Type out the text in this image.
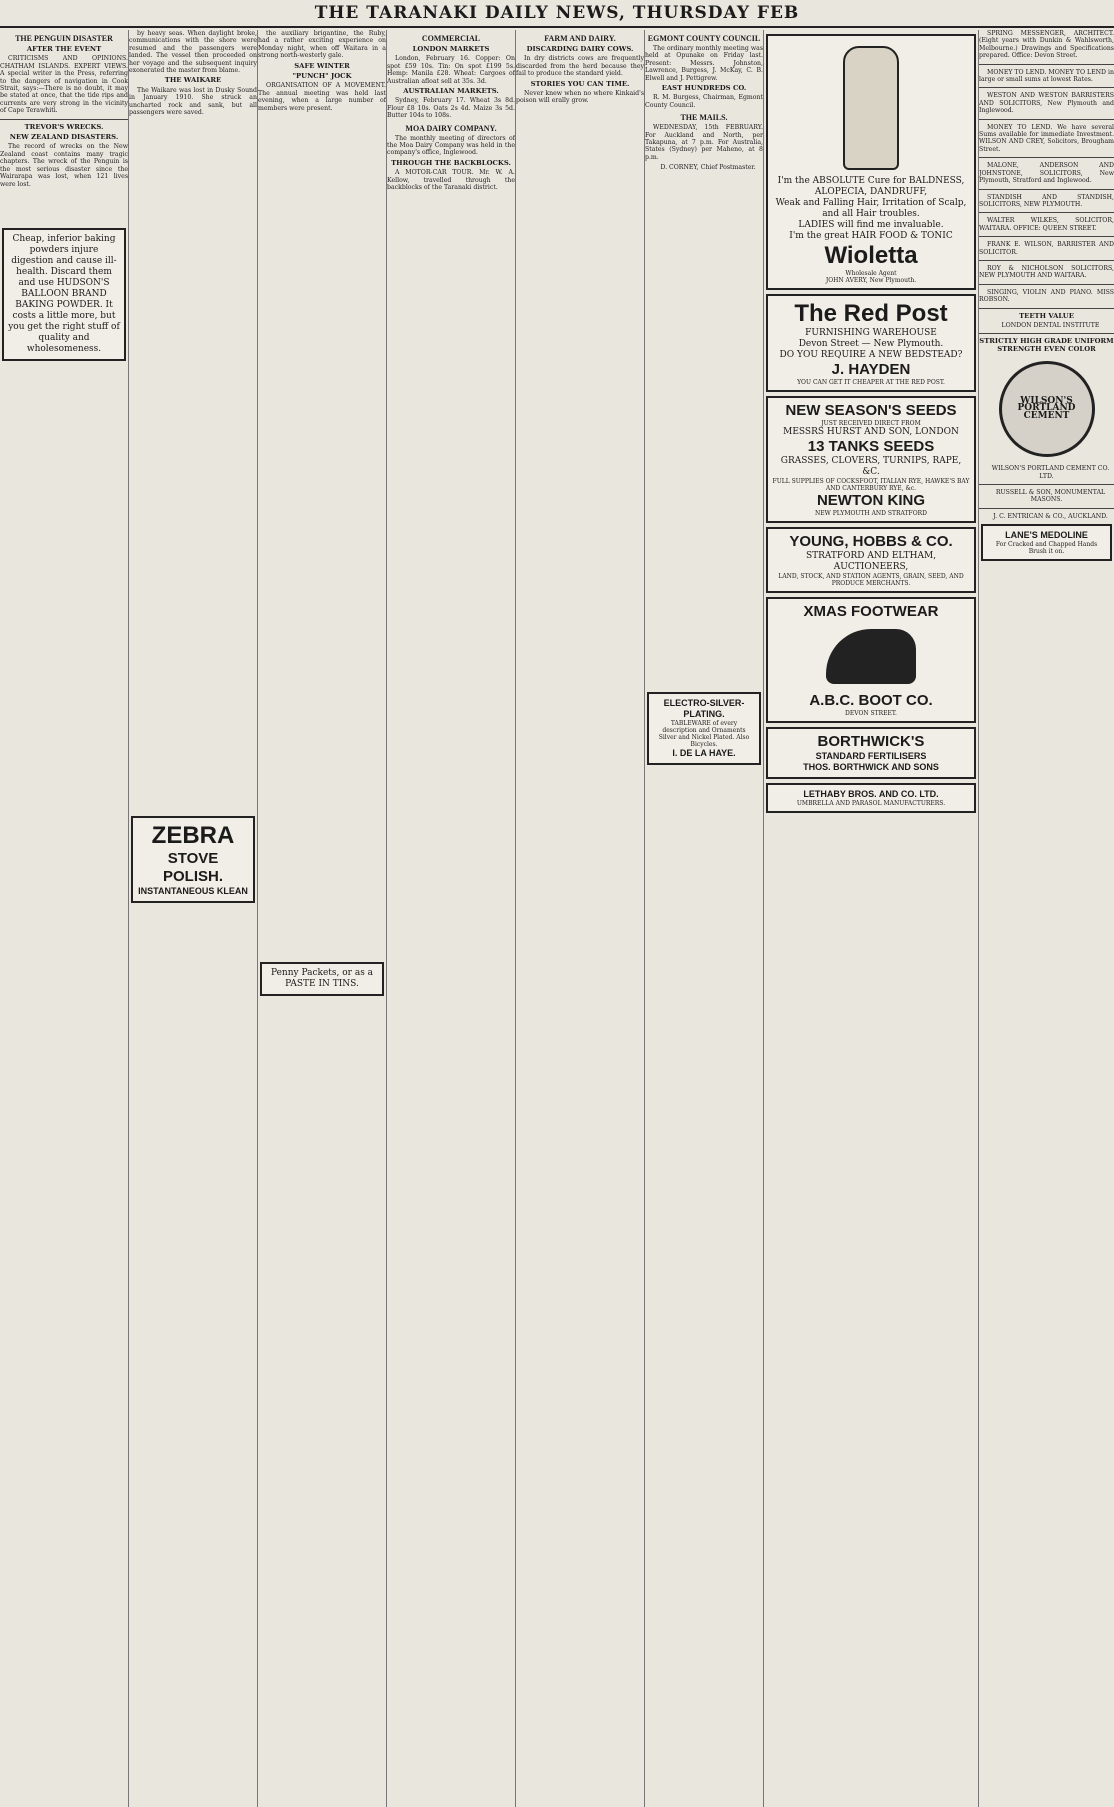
THE TARANAKI DAILY NEWS, THURSDAY FEB
THE PENGUIN DISASTER
AFTER THE EVENT

CRITICISMS AND OPINIONS. CHATHAM ISLANDS. EXPERT VIEWS. A special writer in the Press, referring to the dangers of navigation in Cook Strait, says:—There is no doubt, it may be stated at once, that the tide rips and currents are very strong in the vicinity of Cape Terawhiti.

TREVOR'S WRECKS.
NEW ZEALAND DISASTERS.

The record of wrecks on the New Zealand coast contains many tragic chapters. The wreck of the Penguin is the most serious disaster since the Wairarapa was lost, when 121 lives were lost.

Cheap, inferior baking powders injure digestion and cause ill-health. Discard them and use HUDSON'S BALLOON BRAND BAKING POWDER. It costs a little more, but you get the right stuff of quality and wholesomeness.

by heavy seas. When daylight broke, communications with the shore were resumed and the passengers were landed. The vessel then proceeded on her voyage and the subsequent inquiry exonerated the master from blame.

THE WAIKARE

The Waikare was lost in Dusky Sound in January 1910. She struck an uncharted rock and sank, but all passengers were saved.

ZEBRA
STOVE POLISH.
INSTANTANEOUS KLEAN

the auxiliary brigantine, the Ruby, had a rather exciting experience on Monday night, when off Waitara in a strong north-westerly gale.

SAFE WINTER
"PUNCH" JOCK

ORGANISATION OF A MOVEMENT. The annual meeting was held last evening, when a large number of members were present.

Penny Packets, or as a PASTE IN TINS.
COMMERCIAL
LONDON MARKETS

London, February 16. Copper: On spot £59 10s. Tin: On spot £199 5s. Hemp: Manila £28. Wheat: Cargoes of Australian afloat sell at 35s. 3d.

AUSTRALIAN MARKETS.

Sydney, February 17. Wheat 3s 8d. Flour £8 10s. Oats 2s 4d. Maize 3s 5d. Butter 104s to 108s.

MOA DAIRY COMPANY.

The monthly meeting of directors of the Moa Dairy Company was held in the company's office, Inglewood.

THROUGH THE BACKBLOCKS.

A MOTOR-CAR TOUR. Mr. W. A. Kellow, travelled through the backblocks of the Taranaki district.

FARM AND DAIRY.
DISCARDING DAIRY COWS.

In dry districts cows are frequently discarded from the herd because they fail to produce the standard yield.

STORIES YOU CAN TIME.

Never knew when no where Kinkaid's poison will erally grow.

EGMONT COUNTY COUNCIL

The ordinary monthly meeting was held at Opunake on Friday last. Present: Messrs. Johnston, Lawrence, Burgess, J. McKay, C. B. Elwell and J. Pettigrew.

EAST HUNDREDS CO.

R. M. Burgess, Chairman, Egmont County Council.

THE MAILS.

WEDNESDAY, 15th FEBRUARY. For Auckland and North, per Takapuna, at 7 p.m. For Australia, States (Sydney) per Maheno, at 8 p.m.

D. CORNEY, Chief Postmaster.

ELECTRO-SILVER-PLATING.
TABLEWARE of every description and Ornaments Silver and Nickel Plated. Also Bicycles.
I. DE LA HAYE.
I'm the ABSOLUTE Cure for BALDNESS, ALOPECIA, DANDRUFF,
Weak and Falling Hair, Irritation of Scalp, and all Hair troubles.
LADIES will find me invaluable.
I'm the great HAIR FOOD & TONIC
Wioletta
Wholesale Agent
JOHN AVERY, New Plymouth.
The Red Post
FURNISHING WAREHOUSE
Devon Street — New Plymouth.
DO YOU REQUIRE A NEW BEDSTEAD?
J. HAYDEN
YOU CAN GET IT CHEAPER AT THE RED POST.
NEW SEASON'S SEEDS
JUST RECEIVED DIRECT FROM
MESSRS HURST AND SON, LONDON
13 TANKS SEEDS
GRASSES, CLOVERS, TURNIPS, RAPE, &C.
FULL SUPPLIES OF COCKSFOOT, ITALIAN RYE, HAWKE'S BAY AND CANTERBURY RYE, &c.
NEWTON KING
NEW PLYMOUTH AND STRATFORD
YOUNG, HOBBS & CO.
STRATFORD AND ELTHAM,
AUCTIONEERS,
LAND, STOCK, AND STATION AGENTS, GRAIN, SEED, AND PRODUCE MERCHANTS.
XMAS FOOTWEAR
A.B.C. BOOT CO.
DEVON STREET.
BORTHWICK'S
STANDARD FERTILISERS
THOS. BORTHWICK AND SONS
LETHABY BROS. AND CO. LTD.
UMBRELLA AND PARASOL MANUFACTURERS.

SPRING MESSENGER, ARCHITECT. (Eight years with Dunkin & Wahlsworth, Melbourne.) Drawings and Specifications prepared. Office: Devon Street.

MONEY TO LEND. MONEY TO LEND in large or small sums at lowest Rates.

WESTON AND WESTON BARRISTERS AND SOLICITORS, New Plymouth and Inglewood.

MONEY TO LEND. We have several Sums available for immediate Investment. WILSON AND CREY, Solicitors, Brougham Street.

MALONE, ANDERSON AND JOHNSTONE, SOLICITORS, New Plymouth, Stratford and Inglewood.

STANDISH AND STANDISH, SOLICITORS, NEW PLYMOUTH.

WALTER WILKES, SOLICITOR, WAITARA. OFFICE: QUEEN STREET.

FRANK E. WILSON, BARRISTER AND SOLICITOR.

ROY & NICHOLSON SOLICITORS, NEW PLYMOUTH AND WAITARA.

SINGING, VIOLIN AND PIANO. MISS ROBSON.

TEETH VALUE

LONDON DENTAL INSTITUTE

STRICTLY HIGH GRADE UNIFORM STRENGTH EVEN COLOR
WILSON'S PORTLAND CEMENT

WILSON'S PORTLAND CEMENT CO. LTD.

RUSSELL & SON, MONUMENTAL MASONS.

J. C. ENTRICAN & CO., AUCKLAND.

LANE'S MEDOLINE
For Cracked and Chapped Hands Brush it on.
